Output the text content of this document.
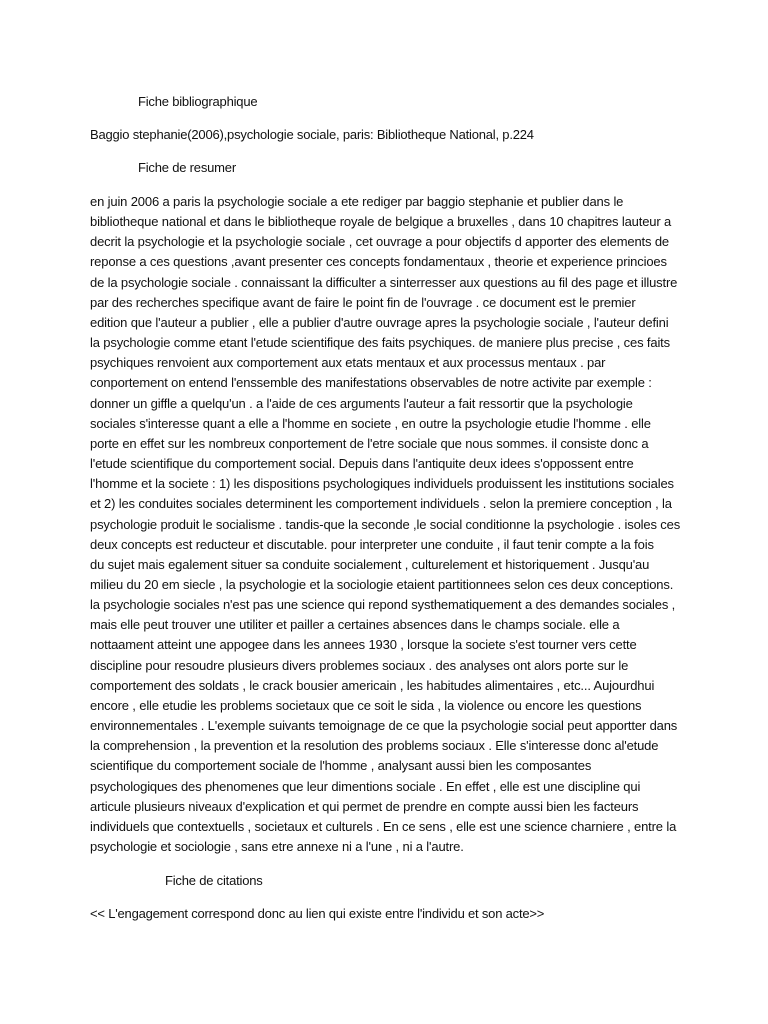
Fiche bibliographique
Baggio stephanie(2006),psychologie sociale, paris: Bibliotheque National, p.224
Fiche de resumer

en juin 2006 a paris la psychologie sociale a ete rediger par baggio stephanie et publier dans le
bibliotheque national et dans le bibliotheque royale de belgique a bruxelles , dans 10 chapitres lauteur a
decrit la psychologie et la psychologie sociale , cet ouvrage a pour objectifs d apporter des elements de
reponse a ces questions ,avant presenter ces concepts fondamentaux , theorie et experience princioes
de la psychologie sociale . connaissant la difficulter a sinterresser aux questions au fil des page et illustre
par des recherches specifique avant de faire le point fin de l'ouvrage . ce document est le premier
edition que l'auteur a publier , elle a publier d'autre ouvrage apres la psychologie sociale , l'auteur defini
la psychologie comme etant l'etude scientifique des faits psychiques. de maniere plus precise , ces faits
psychiques renvoient aux comportement aux etats mentaux et aux processus mentaux . par
conportement on entend l'enssemble des manifestations observables de notre activite par exemple :
donner un giffle a quelqu'un . a l'aide de ces arguments l'auteur a fait ressortir que la psychologie
sociales s'interesse quant a elle a l'homme en societe , en outre la psychologie etudie l'homme . elle
porte en effet sur les nombreux conportement de l'etre sociale que nous sommes. il consiste donc a
l'etude scientifique du comportement social. Depuis dans l'antiquite deux idees s'oppossent entre
l'homme et la societe : 1) les dispositions psychologiques individuels produissent les institutions sociales
et 2) les conduites sociales determinent les comportement individuels . selon la premiere conception , la
psychologie produit le socialisme . tandis-que la seconde ,le social conditionne la psychologie . isoles ces
deux concepts est reducteur et discutable. pour interpreter une conduite , il faut tenir compte a la fois
du sujet mais egalement situer sa conduite socialement , culturelement et historiquement . Jusqu'au
milieu du 20 em siecle , la psychologie et la sociologie etaient partitionnees selon ces deux conceptions.
la psychologie sociales n'est pas une science qui repond systhematiquement a des demandes sociales ,
mais elle peut trouver une utiliter et pailler a certaines absences dans le champs sociale. elle a
nottaament atteint une appogee dans les annees 1930 , lorsque la societe s'est tourner vers cette
discipline pour resoudre plusieurs divers problemes sociaux . des analyses ont alors porte sur le
comportement des soldats , le crack bousier americain , les habitudes alimentaires , etc... Aujourdhui
encore , elle etudie les problems societaux que ce soit le sida , la violence ou encore les questions
environnementales . L'exemple suivants temoignage de ce que la psychologie social peut apportter dans
la comprehension , la prevention et la resolution des problems sociaux . Elle s'interesse donc al'etude
scientifique du comportement sociale de l'homme , analysant aussi bien les composantes
psychologiques des phenomenes que leur dimentions sociale . En effet , elle est une discipline qui
articule plusieurs niveaux d'explication et qui permet de prendre en compte aussi bien les facteurs
individuels que contextuells , societaux et culturels . En ce sens , elle est une science charniere , entre la
psychologie et sociologie , sans etre annexe ni a l'une , ni a l'autre.

Fiche de citations
<< L'engagement correspond donc au lien qui existe entre l'individu et son acte>>
